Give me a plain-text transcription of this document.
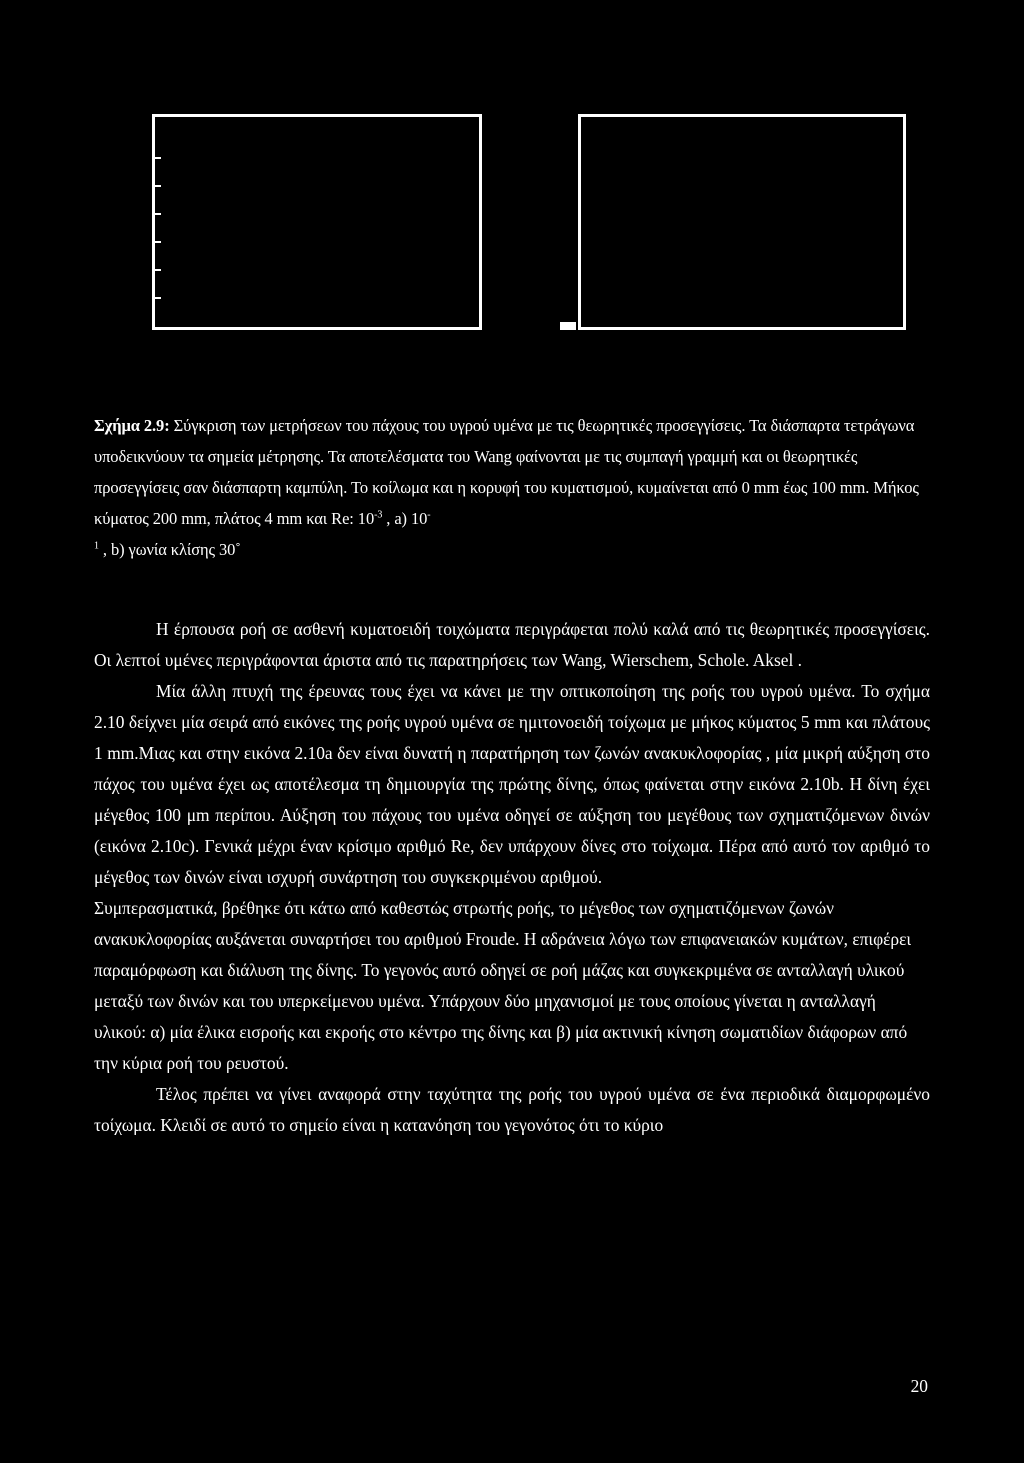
Σχήμα 2.9: Σύγκριση των μετρήσεων του πάχους του υγρού υμένα με τις θεωρητικές προσεγγίσεις. Τα διάσπαρτα τετράγωνα υποδεικνύουν τα σημεία μέτρησης. Τα αποτελέσματα του Wang φαίνονται με τις συμπαγή γραμμή και οι θεωρητικές προσεγγίσεις σαν διάσπαρτη καμπύλη. Το κοίλωμα και η κορυφή του κυματισμού, κυμαίνεται από 0 mm έως 100 mm. Μήκος κύματος 200 mm, πλάτος 4 mm και Re: $10^{-3}$ , a) 10-
$^1$ , b) γωνία κλίσης 30˚

Η έρπουσα ροή σε ασθενή κυματοειδή τοιχώματα περιγράφεται πολύ καλά από τις θεωρητικές προσεγγίσεις. Οι λεπτοί υμένες περιγράφονται άριστα από τις παρατηρήσεις των Wang, Wierschem, Schole. Aksel .

Μία άλλη πτυχή της έρευνας τους έχει να κάνει με την οπτικοποίηση της ροής του υγρού υμένα. Το σχήμα 2.10 δείχνει μία σειρά από εικόνες της ροής υγρού υμένα σε ημιτονοειδή τοίχωμα με μήκος κύματος 5 mm και πλάτους 1 mm.Μιας και στην εικόνα 2.10a δεν είναι δυνατή η παρατήρηση των ζωνών ανακυκλοφορίας , μία μικρή αύξηση στο πάχος του υμένα έχει ως αποτέλεσμα τη δημιουργία της πρώτης δίνης, όπως φαίνεται στην εικόνα 2.10b. Η δίνη έχει μέγεθος 100 μm περίπου. Αύξηση του πάχους του υμένα οδηγεί σε αύξηση του μεγέθους των σχηματιζόμενων δινών (εικόνα 2.10c). Γενικά μέχρι έναν κρίσιμο αριθμό Re, δεν υπάρχουν δίνες στο τοίχωμα. Πέρα από αυτό τον αριθμό το μέγεθος των δινών είναι ισχυρή συνάρτηση του συγκεκριμένου αριθμού.

Συμπερασματικά, βρέθηκε ότι κάτω από καθεστώς στρωτής ροής, το μέγεθος των σχηματιζόμενων ζωνών ανακυκλοφορίας αυξάνεται συναρτήσει του αριθμού Froude. Η αδράνεια λόγω των επιφανειακών κυμάτων, επιφέρει παραμόρφωση και διάλυση της δίνης. Το γεγονός αυτό οδηγεί σε ροή μάζας και συγκεκριμένα σε ανταλλαγή υλικού μεταξύ των δινών και του υπερκείμενου υμένα. Υπάρχουν δύο μηχανισμοί με τους οποίους γίνεται η ανταλλαγή υλικού: α) μία έλικα εισροής και εκροής στο κέντρο της δίνης και β) μία ακτινική κίνηση σωματιδίων διάφορων από την κύρια ροή του ρευστού.

Τέλος πρέπει να γίνει αναφορά στην ταχύτητα της ροής του υγρού υμένα σε ένα περιοδικά διαμορφωμένο τοίχωμα. Κλειδί σε αυτό το σημείο είναι η κατανόηση του γεγονότος ότι το κύριο

20
